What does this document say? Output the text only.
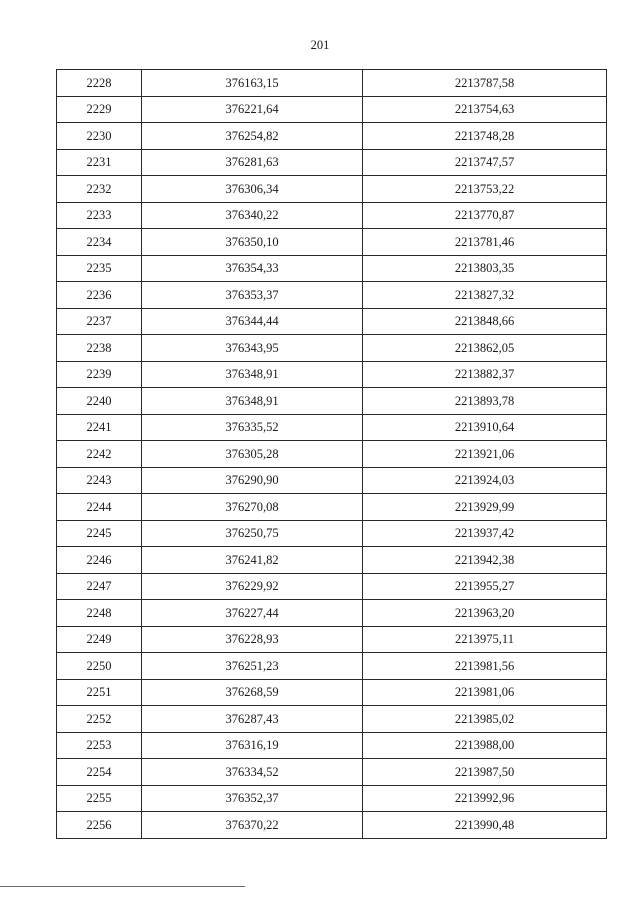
201
2228	376163,15	2213787,58
2229	376221,64	2213754,63
2230	376254,82	2213748,28
2231	376281,63	2213747,57
2232	376306,34	2213753,22
2233	376340,22	2213770,87
2234	376350,10	2213781,46
2235	376354,33	2213803,35
2236	376353,37	2213827,32
2237	376344,44	2213848,66
2238	376343,95	2213862,05
2239	376348,91	2213882,37
2240	376348,91	2213893,78
2241	376335,52	2213910,64
2242	376305,28	2213921,06
2243	376290,90	2213924,03
2244	376270,08	2213929,99
2245	376250,75	2213937,42
2246	376241,82	2213942,38
2247	376229,92	2213955,27
2248	376227,44	2213963,20
2249	376228,93	2213975,11
2250	376251,23	2213981,56
2251	376268,59	2213981,06
2252	376287,43	2213985,02
2253	376316,19	2213988,00
2254	376334,52	2213987,50
2255	376352,37	2213992,96
2256	376370,22	2213990,48
